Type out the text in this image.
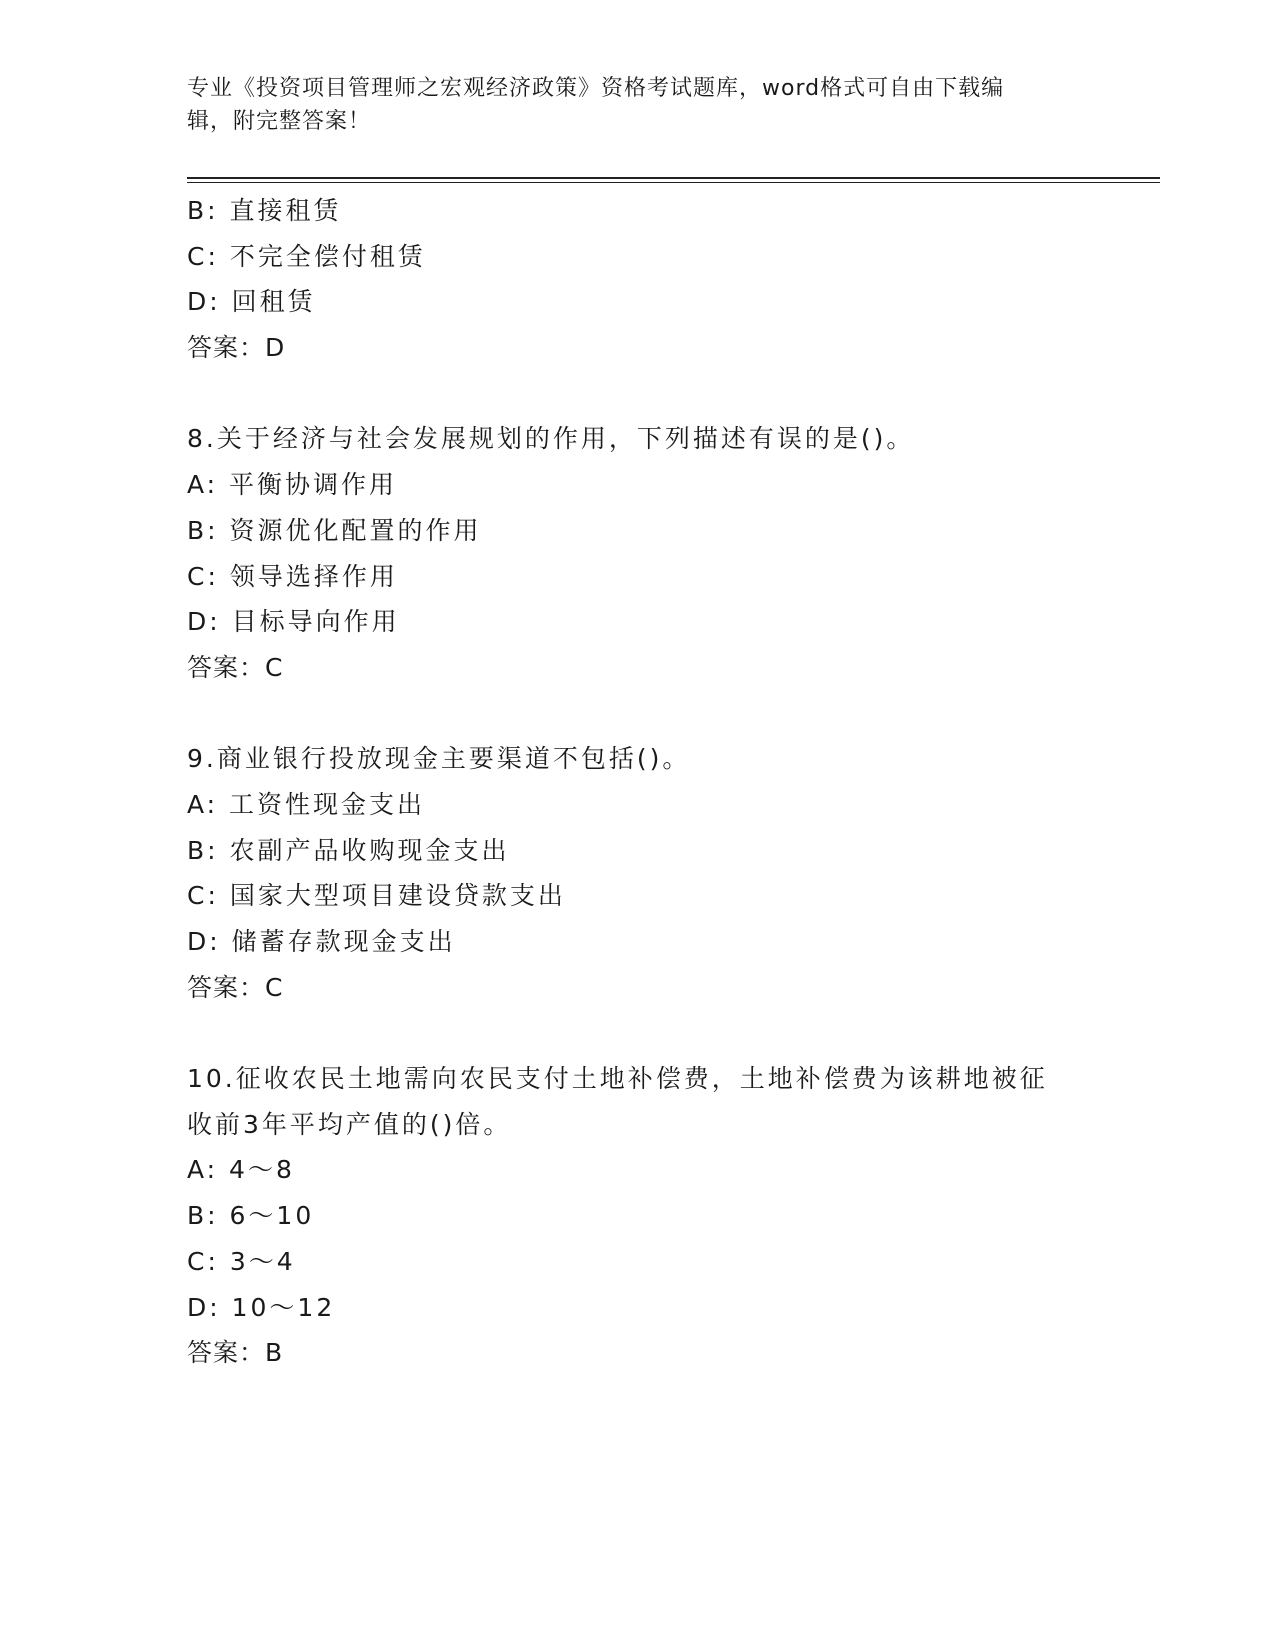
专业《投资项目管理师之宏观经济政策》资格考试题库，word格式可自由下载编
辑，附完整答案！
B: 直接租赁
C: 不完全偿付租赁
D: 回租赁
答案：D
8.关于经济与社会发展规划的作用，下列描述有误的是()。
A: 平衡协调作用
B: 资源优化配置的作用
C: 领导选择作用
D: 目标导向作用
答案：C
9.商业银行投放现金主要渠道不包括()。
A: 工资性现金支出
B: 农副产品收购现金支出
C: 国家大型项目建设贷款支出
D: 储蓄存款现金支出
答案：C
10.征收农民土地需向农民支付土地补偿费，土地补偿费为该耕地被征
收前3年平均产值的()倍。
A: 4～8
B: 6～10
C: 3～4
D: 10～12
答案：B
